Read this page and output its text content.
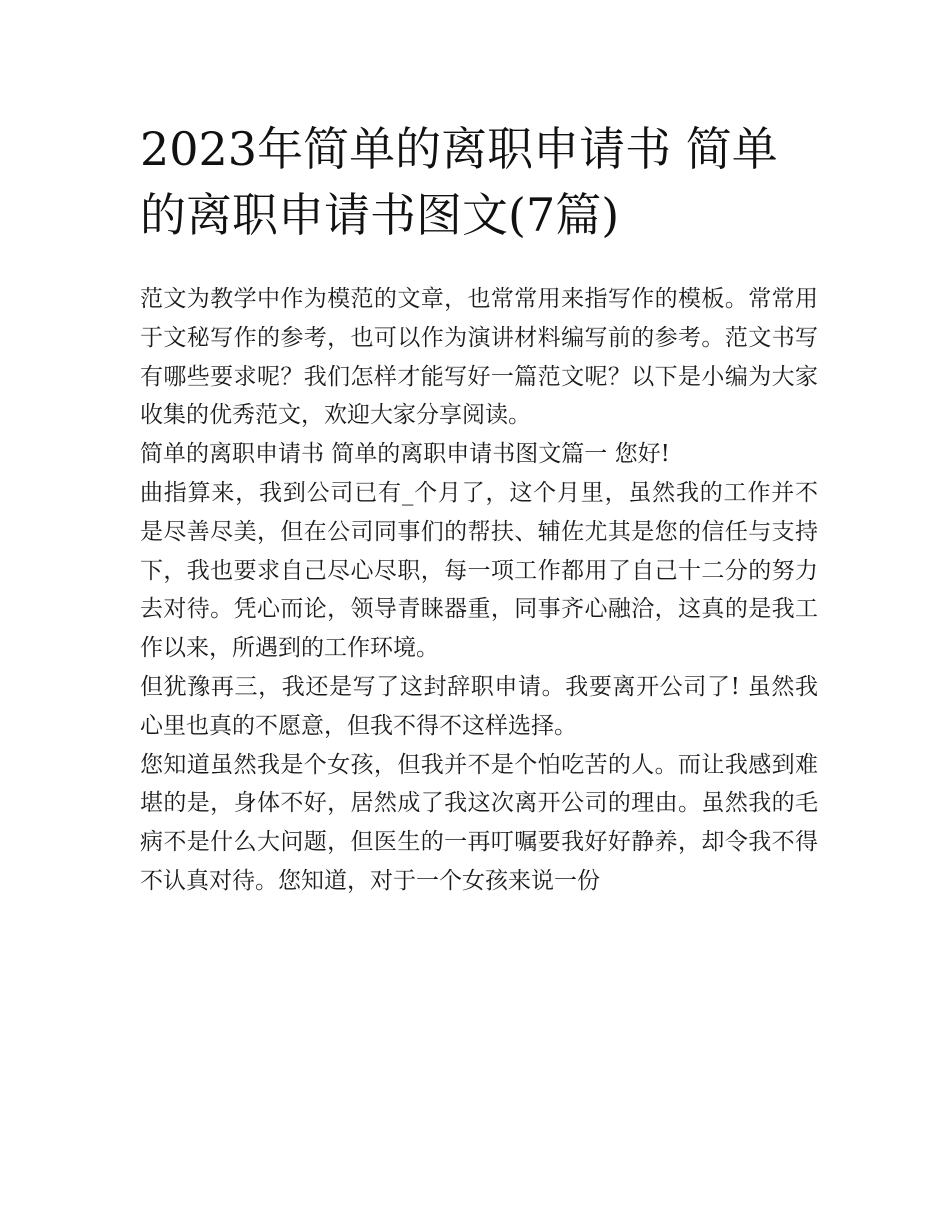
2023年简单的离职申请书 简单的离职申请书图文(7篇)

范文为教学中作为模范的文章，也常常用来指写作的模板。常常用于文秘写作的参考，也可以作为演讲材料编写前的参考。范文书写有哪些要求呢？我们怎样才能写好一篇范文呢？以下是小编为大家收集的优秀范文，欢迎大家分享阅读。

简单的离职申请书 简单的离职申请书图文篇一 您好!

曲指算来，我到公司已有_个月了，这个月里，虽然我的工作并不是尽善尽美，但在公司同事们的帮扶、辅佐尤其是您的信任与支持下，我也要求自己尽心尽职，每一项工作都用了自己十二分的努力去对待。凭心而论，领导青睐器重，同事齐心融洽，这真的是我工作以来，所遇到的工作环境。

但犹豫再三，我还是写了这封辞职申请。我要离开公司了! 虽然我心里也真的不愿意，但我不得不这样选择。

您知道虽然我是个女孩，但我并不是个怕吃苦的人。而让我感到难堪的是，身体不好，居然成了我这次离开公司的理由。虽然我的毛病不是什么大问题，但医生的一再叮嘱要我好好静养，却令我不得不认真对待。您知道，对于一个女孩来说一份
